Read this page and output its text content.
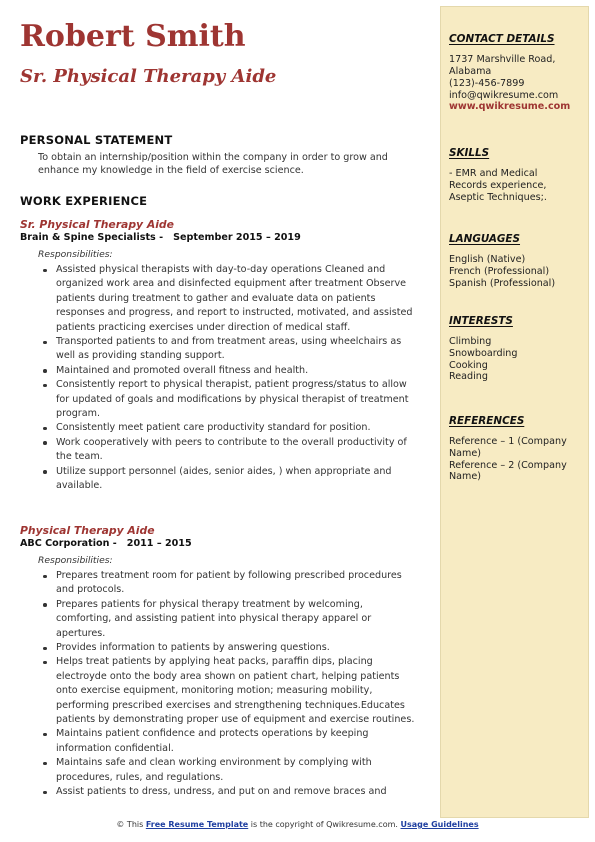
Robert Smith
Sr. Physical Therapy Aide
PERSONAL STATEMENT

To obtain an internship/position within the company in order to grow and enhance my knowledge in the field of exercise science.

WORK EXPERIENCE

Sr. Physical Therapy Aide

Brain & Spine Specialists -   September 2015 – 2019

Responsibilities:

Assisted physical therapists with day-to-day operations Cleaned and organized work area and disinfected equipment after treatment Observe patients during treatment to gather and evaluate data on patients responses and progress, and report to instructed, motivated, and assisted patients practicing exercises under direction of medical staff.
Transported patients to and from treatment areas, using wheelchairs as well as providing standing support.
Maintained and promoted overall fitness and health.
Consistently report to physical therapist, patient progress/status to allow for updated of goals and modifications by physical therapist of treatment program.
Consistently meet patient care productivity standard for position.
Work cooperatively with peers to contribute to the overall productivity of the team.
Utilize support personnel (aides, senior aides, ) when appropriate and available.

Physical Therapy Aide

ABC Corporation -   2011 – 2015

Responsibilities:

Prepares treatment room for patient by following prescribed procedures and protocols.
Prepares patients for physical therapy treatment by welcoming, comforting, and assisting patient into physical therapy apparel or apertures.
Provides information to patients by answering questions.
Helps treat patients by applying heat packs, paraffin dips, placing electroyde onto the body area shown on patient chart, helping patients onto exercise equipment, monitoring motion; measuring mobility, performing prescribed exercises and strengthening techniques.Educates patients by demonstrating proper use of equipment and exercise routines.
Maintains patient confidence and protects operations by keeping information confidential.
Maintains safe and clean working environment by complying with procedures, rules, and regulations.
Assist patients to dress, undress, and put on and remove braces and
CONTACT DETAILS

1737 Marshville Road, Alabama

(123)-456-7899

info@qwikresume.com

www.qwikresume.com

SKILLS

- EMR and Medical Records experience, Aseptic Techniques;.

LANGUAGES
English (Native)
French (Professional)
Spanish (Professional)
INTERESTS
Climbing
Snowboarding
Cooking
Reading
REFERENCES
Reference – 1 (Company Name)
Reference – 2 (Company Name)

© This Free Resume Template is the copyright of Qwikresume.com. Usage Guidelines
